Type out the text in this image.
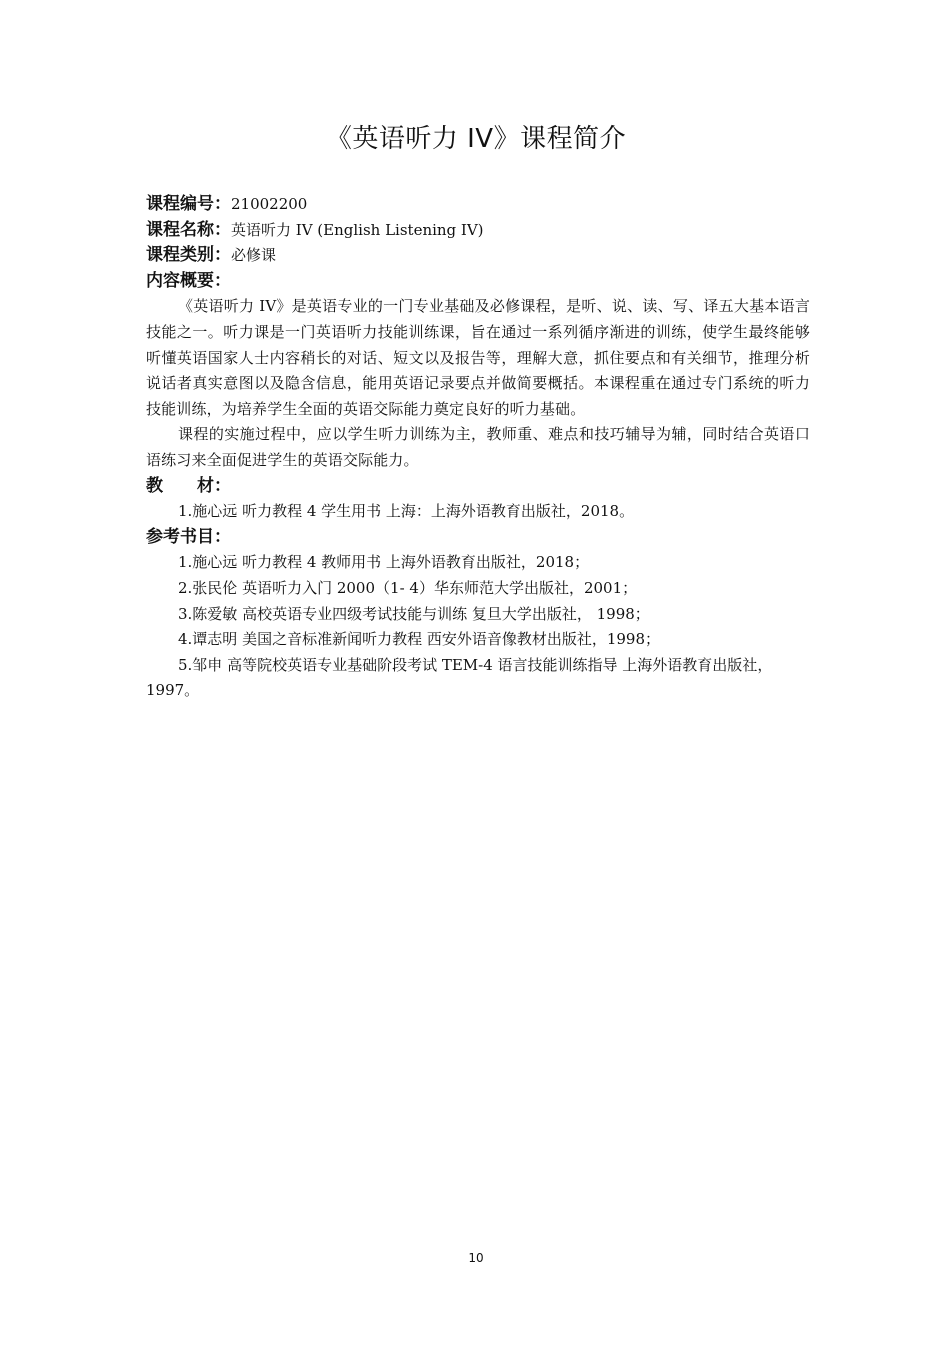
《英语听力 IV》课程简介
课程编号：21002200
课程名称：英语听力 IV (English Listening IV)
课程类别：必修课
内容概要：

《英语听力 IV》是英语专业的一门专业基础及必修课程，是听、说、读、写、译五大基本语言技能之一。听力课是一门英语听力技能训练课，旨在通过一系列循序渐进的训练，使学生最终能够听懂英语国家人士内容稍长的对话、短文以及报告等，理解大意，抓住要点和有关细节，推理分析说话者真实意图以及隐含信息，能用英语记录要点并做简要概括。本课程重在通过专门系统的听力技能训练，为培养学生全面的英语交际能力奠定良好的听力基础。

课程的实施过程中，应以学生听力训练为主，教师重、难点和技巧辅导为辅，同时结合英语口语练习来全面促进学生的英语交际能力。

教　　材：
1.施心远 听力教程 4 学生用书 上海：上海外语教育出版社，2018。
参考书目：
1.施心远 听力教程 4 教师用书 上海外语教育出版社，2018；
2.张民伦 英语听力入门 2000（1- 4）华东师范大学出版社，2001；
3.陈爱敏 高校英语专业四级考试技能与训练 复旦大学出版社， 1998；
4.谭志明 美国之音标准新闻听力教程 西安外语音像教材出版社，1998；
5.邹申 高等院校英语专业基础阶段考试 TEM-4 语言技能训练指导 上海外语教育出版社， 1997。
10
